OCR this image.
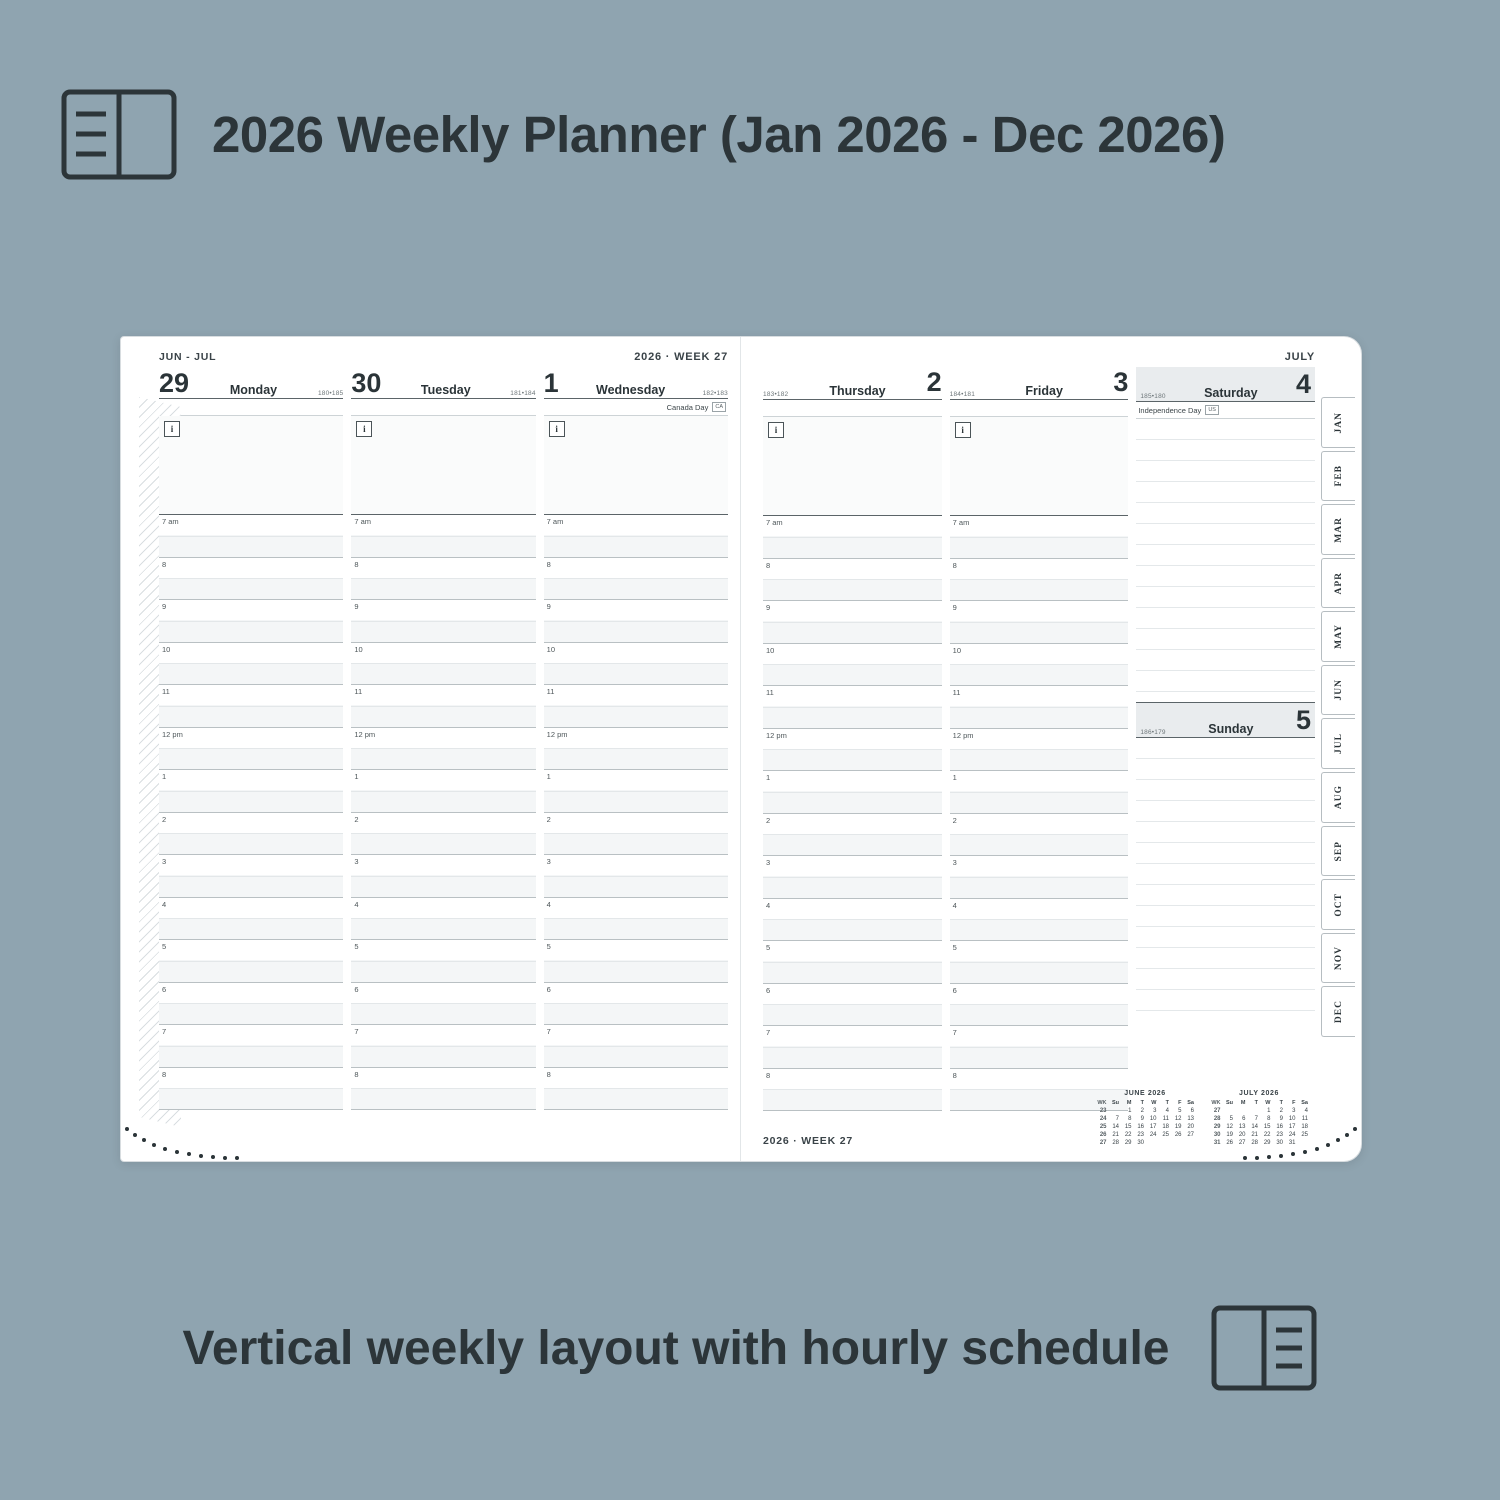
2026 Weekly Planner (Jan 2026 - Dec 2026)
JUN - JUL	2026 · WEEK 27
29	Monday	180•185
i
7 am
8
9
10
11
12 pm
1
2
3
4
5
6
7
8
30	Tuesday	181•184
i
7 am
8
9
10
11
12 pm
1
2
3
4
5
6
7
8
1	Wednesday	182•183
Canada Day	CA
i
7 am
8
9
10
11
12 pm
1
2
3
4
5
6
7
8
JULY
183•182	Thursday	2
i
7 am
8
9
10
11
12 pm
1
2
3
4
5
6
7
8
184•181	Friday	3
i
7 am
8
9
10
11
12 pm
1
2
3
4
5
6
7
8
185•180	Saturday	4
Independence Day	US
186•179	Sunday	5
JUNE 2026
WK	Su	M	T	W	T	F	Sa
23		1	2	3	4	5	6
24	7	8	9	10	11	12	13
25	14	15	16	17	18	19	20
26	21	22	23	24	25	26	27
27	28	29	30				
JULY 2026
WK	Su	M	T	W	T	F	Sa
27				1	2	3	4
28	5	6	7	8	9	10	11
29	12	13	14	15	16	17	18
30	19	20	21	22	23	24	25
31	26	27	28	29	30	31	
2026 · WEEK 27
JAN
FEB
MAR
APR
MAY
JUN
JUL
AUG
SEP
OCT
NOV
DEC
Vertical weekly layout with hourly schedule
